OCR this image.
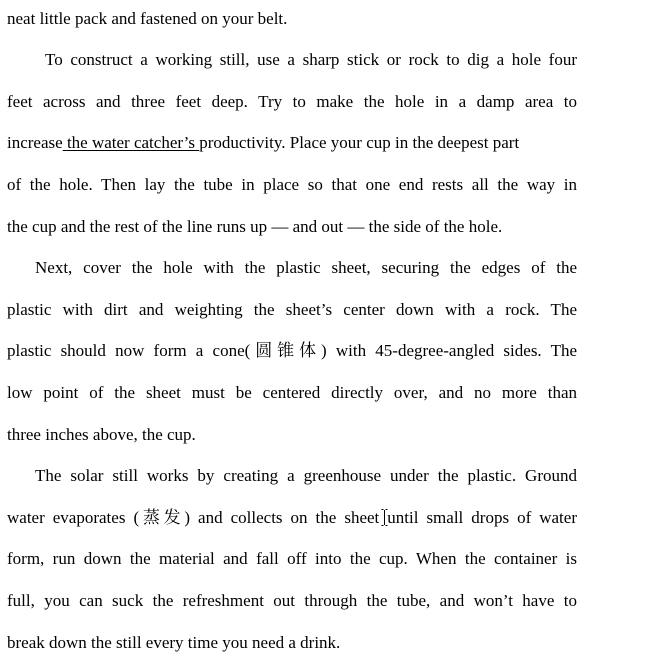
neat little pack and fastened on your belt.
To construct a working still, use a sharp stick or rock to dig a hole four
feet across and three feet deep. Try to make the hole in a damp area to
increase the water catcher’s productivity. Place your cup in the deepest part
of the hole. Then lay the tube in place so that one end rests all the way in
the cup and the rest of the line runs up — and out — the side of the hole.
Next, cover the hole with the plastic sheet, securing the edges of the
plastic with dirt and weighting the sheet’s center down with a rock. The
plastic should now form a cone(圆锥体) with 45-degree-angled sides. The
low point of the sheet must be centered directly over, and no more than
three inches above, the cup.
The solar still works by creating a greenhouse under the plastic. Ground
water evaporates (蒸发) and collects on the sheet until small drops of water
form, run down the material and fall off into the cup. When the container is
full, you can suck the refreshment out through the tube, and won’t have to
break down the still every time you need a drink.
